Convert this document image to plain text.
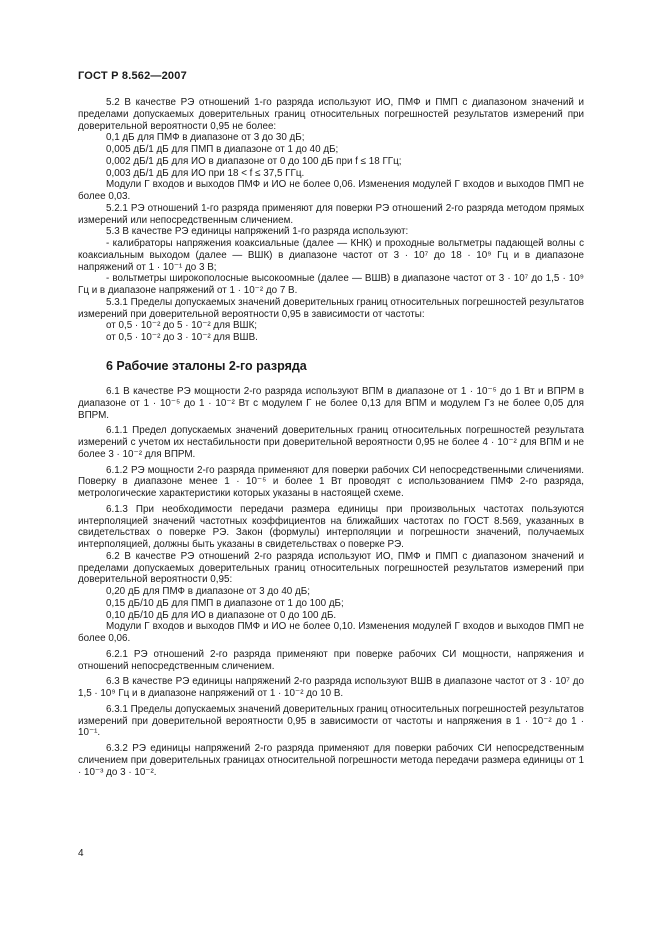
ГОСТ Р 8.562—2007

5.2 В качестве РЭ отношений 1-го разряда используют ИО, ПМФ и ПМП с диапазоном значений и пределами допускаемых доверительных границ относительных погрешностей результатов измерений при доверительной вероятности 0,95 не более:

0,1 дБ для ПМФ в диапазоне от 3 до 30 дБ;

0,005 дБ/1 дБ для ПМП в диапазоне от 1 до 40 дБ;

0,002 дБ/1 дБ для ИО в диапазоне от 0 до 100 дБ при f ≤ 18 ГГц;

0,003 дБ/1 дБ для ИО при 18 < f ≤ 37,5 ГГц.

Модули Γ входов и выходов ПМФ и ИО не более 0,06. Изменения модулей Γ входов и выходов ПМП не более 0,03.

5.2.1 РЭ отношений 1-го разряда применяют для поверки РЭ отношений 2-го разряда методом прямых измерений или непосредственным сличением.

5.3 В качестве РЭ единицы напряжений 1-го разряда используют:

- калибраторы напряжения коаксиальные (далее — КНК) и проходные вольтметры падающей волны с коаксиальным выходом (далее — ВШК) в диапазоне частот от 3 · 10⁷ до 18 · 10⁹ Гц и в диапазоне напряжений от 1 · 10⁻¹ до 3 В;

- вольтметры широкополосные высокоомные (далее — ВШВ) в диапазоне частот от 3 · 10⁷ до 1,5 · 10⁹ Гц и в диапазоне напряжений от 1 · 10⁻² до 7 В.

5.3.1 Пределы допускаемых значений доверительных границ относительных погрешностей результатов измерений при доверительной вероятности 0,95 в зависимости от частоты:

от 0,5 · 10⁻² до 5 · 10⁻² для ВШК;

от 0,5 · 10⁻² до 3 · 10⁻² для ВШВ.

6 Рабочие эталоны 2-го разряда

6.1 В качестве РЭ мощности 2-го разряда используют ВПМ в диапазоне от 1 · 10⁻⁵ до 1 Вт и ВПРМ в диапазоне от 1 · 10⁻⁵ до 1 · 10⁻² Вт с модулем Γ не более 0,13 для ВПМ и модулем Γз не более 0,05 для ВПРМ.

6.1.1 Предел допускаемых значений доверительных границ относительных погрешностей результата измерений с учетом их нестабильности при доверительной вероятности 0,95 не более 4 · 10⁻² для ВПМ и не более 3 · 10⁻² для ВПРМ.

6.1.2 РЭ мощности 2-го разряда применяют для поверки рабочих СИ непосредственными сличениями. Поверку в диапазоне менее 1 · 10⁻⁵ и более 1 Вт проводят с использованием ПМФ 2-го разряда, метрологические характеристики которых указаны в настоящей схеме.

6.1.3 При необходимости передачи размера единицы при произвольных частотах пользуются интерполяцией значений частотных коэффициентов на ближайших частотах по ГОСТ 8.569, указанных в свидетельствах о поверке РЭ. Закон (формулы) интерполяции и погрешности значений, получаемых интерполяцией, должны быть указаны в свидетельствах о поверке РЭ.

6.2 В качестве РЭ отношений 2-го разряда используют ИО, ПМФ и ПМП с диапазоном значений и пределами допускаемых доверительных границ относительных погрешностей результатов измерений при доверительной вероятности 0,95:

0,20 дБ для ПМФ в диапазоне от 3 до 40 дБ;

0,15 дБ/10 дБ для ПМП в диапазоне от 1 до 100 дБ;

0,10 дБ/10 дБ для ИО в диапазоне от 0 до 100 дБ.

Модули Γ входов и выходов ПМФ и ИО не более 0,10. Изменения модулей Γ входов и выходов ПМП не более 0,06.

6.2.1 РЭ отношений 2-го разряда применяют при поверке рабочих СИ мощности, напряжения и отношений непосредственным сличением.

6.3 В качестве РЭ единицы напряжений 2-го разряда используют ВШВ в диапазоне частот от 3 · 10⁷ до 1,5 · 10⁹ Гц и в диапазоне напряжений от 1 · 10⁻² до 10 В.

6.3.1 Пределы допускаемых значений доверительных границ относительных погрешностей результатов измерений при доверительной вероятности 0,95 в зависимости от частоты и напряжения в 1 · 10⁻² до 1 · 10⁻¹.

6.3.2 РЭ единицы напряжений 2-го разряда применяют для поверки рабочих СИ непосредственным сличением при доверительных границах относительной погрешности метода передачи размера единицы от 1 · 10⁻³ до 3 · 10⁻².

4
